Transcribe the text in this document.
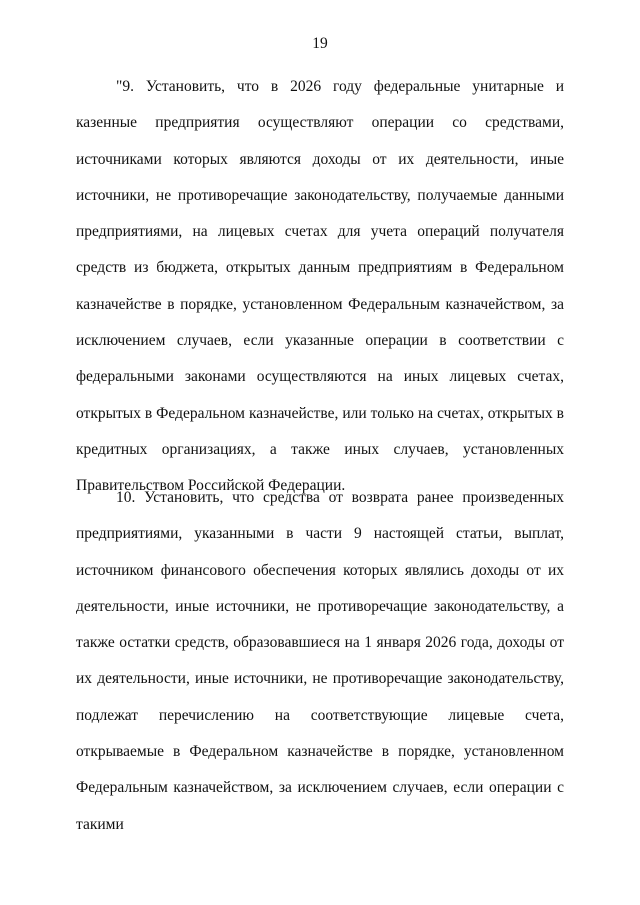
19

"9. Установить, что в 2026 году федеральные унитарные и казенные предприятия осуществляют операции со средствами, источниками которых являются доходы от их деятельности, иные источники, не противоречащие законодательству, получаемые данными предприятиями, на лицевых счетах для учета операций получателя средств из бюджета, открытых данным предприятиям в Федеральном казначействе в порядке, установленном Федеральным казначейством, за исключением случаев, если указанные операции в соответствии с федеральными законами осуществляются на иных лицевых счетах, открытых в Федеральном казначействе, или только на счетах, открытых в кредитных организациях, а также иных случаев, установленных Правительством Российской Федерации.

10. Установить, что средства от возврата ранее произведенных предприятиями, указанными в части 9 настоящей статьи, выплат, источником финансового обеспечения которых являлись доходы от их деятельности, иные источники, не противоречащие законодательству, а также остатки средств, образовавшиеся на 1 января 2026 года, доходы от их деятельности, иные источники, не противоречащие законодательству, подлежат перечислению на соответствующие лицевые счета, открываемые в Федеральном казначействе в порядке, установленном Федеральным казначейством, за исключением случаев, если операции с такими
